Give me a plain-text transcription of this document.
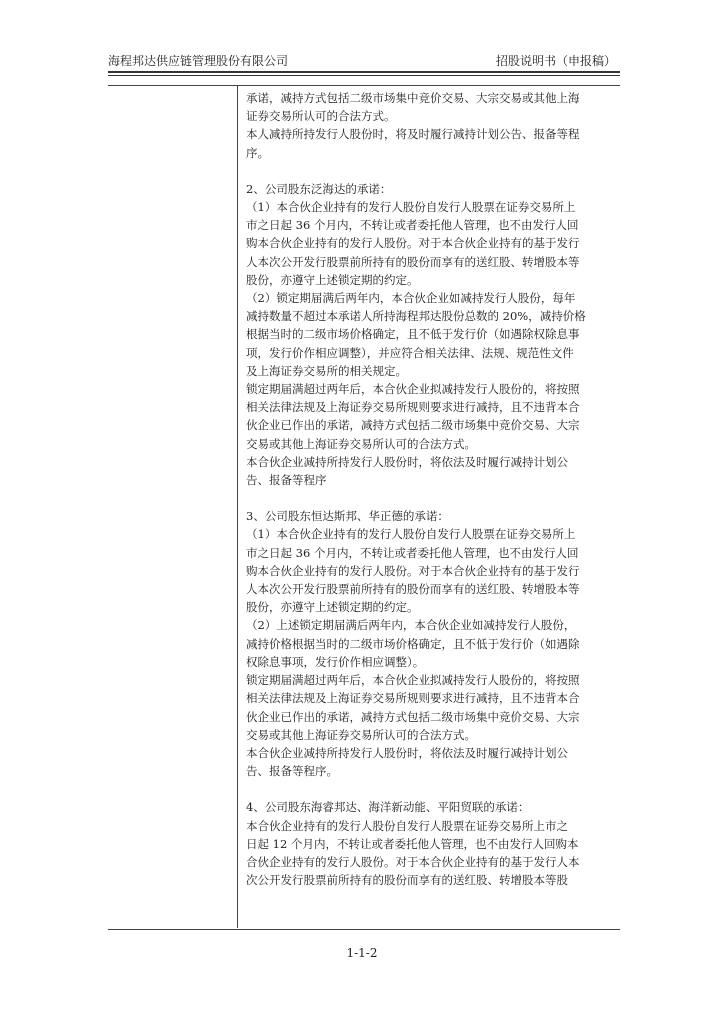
海程邦达供应链管理股份有限公司	招股说明书（申报稿）

承诺，减持方式包括二级市场集中竞价交易、大宗交易或其他上海

证券交易所认可的合法方式。

本人减持所持发行人股份时，将及时履行减持计划公告、报备等程

序。

2、公司股东泛海达的承诺：

（1）本合伙企业持有的发行人股份自发行人股票在证券交易所上

市之日起 36 个月内，不转让或者委托他人管理，也不由发行人回

购本合伙企业持有的发行人股份。对于本合伙企业持有的基于发行

人本次公开发行股票前所持有的股份而享有的送红股、转增股本等

股份，亦遵守上述锁定期的约定。

（2）锁定期届满后两年内，本合伙企业如减持发行人股份，每年

减持数量不超过本承诺人所持海程邦达股份总数的 20%，减持价格

根据当时的二级市场价格确定，且不低于发行价（如遇除权除息事

项，发行价作相应调整），并应符合相关法律、法规、规范性文件

及上海证券交易所的相关规定。

锁定期届满超过两年后，本合伙企业拟减持发行人股份的，将按照

相关法律法规及上海证券交易所规则要求进行减持，且不违背本合

伙企业已作出的承诺，减持方式包括二级市场集中竞价交易、大宗

交易或其他上海证券交易所认可的合法方式。

本合伙企业减持所持发行人股份时，将依法及时履行减持计划公

告、报备等程序

3、公司股东恒达斯邦、华正德的承诺：

（1）本合伙企业持有的发行人股份自发行人股票在证券交易所上

市之日起 36 个月内，不转让或者委托他人管理，也不由发行人回

购本合伙企业持有的发行人股份。对于本合伙企业持有的基于发行

人本次公开发行股票前所持有的股份而享有的送红股、转增股本等

股份，亦遵守上述锁定期的约定。

（2）上述锁定期届满后两年内，本合伙企业如减持发行人股份，

减持价格根据当时的二级市场价格确定，且不低于发行价（如遇除

权除息事项，发行价作相应调整）。

锁定期届满超过两年后，本合伙企业拟减持发行人股份的，将按照

相关法律法规及上海证券交易所规则要求进行减持，且不违背本合

伙企业已作出的承诺，减持方式包括二级市场集中竞价交易、大宗

交易或其他上海证券交易所认可的合法方式。

本合伙企业减持所持发行人股份时，将依法及时履行减持计划公

告、报备等程序。

4、公司股东海睿邦达、海洋新动能、平阳贸联的承诺：

本合伙企业持有的发行人股份自发行人股票在证券交易所上市之

日起 12 个月内，不转让或者委托他人管理，也不由发行人回购本

合伙企业持有的发行人股份。对于本合伙企业持有的基于发行人本

次公开发行股票前所持有的股份而享有的送红股、转增股本等股

1-1-2
